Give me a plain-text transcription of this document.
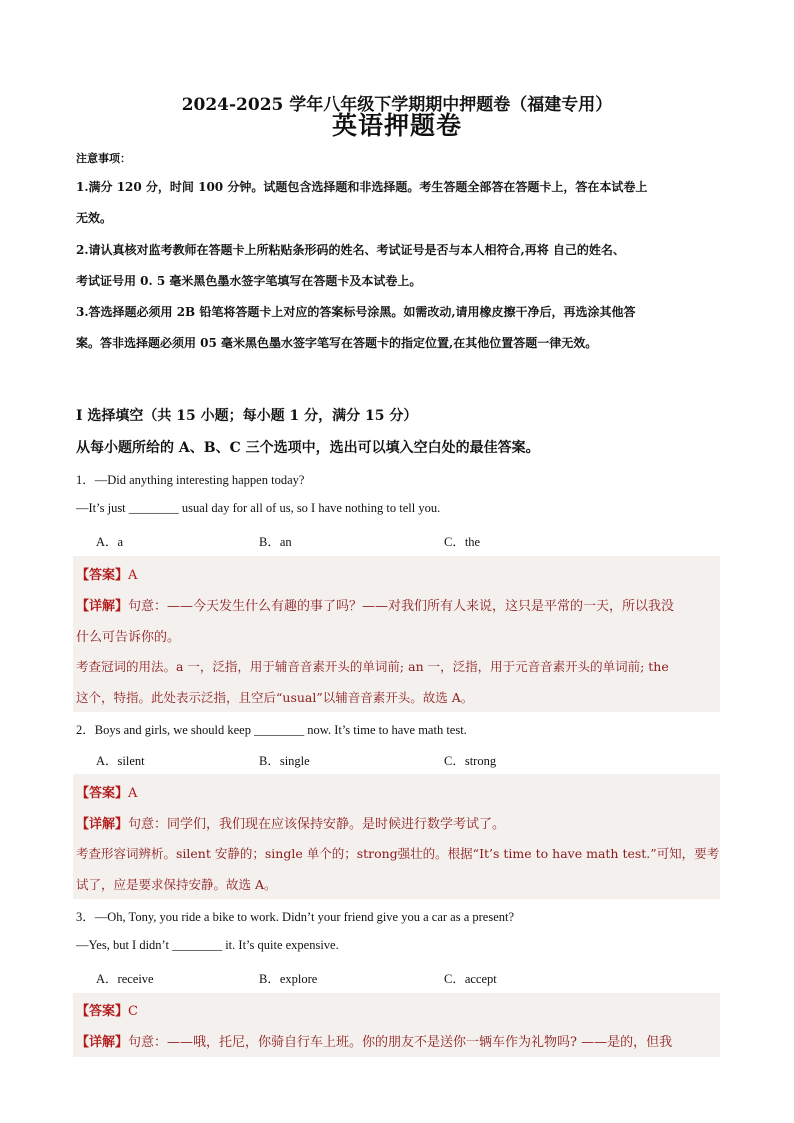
2024-2025 学年八年级下学期期中押题卷（福建专用）
英语押题卷
注意事项：
1.满分 120 分，时间 100 分钟。试题包含选择题和非选择题。考生答题全部答在答题卡上，答在本试卷上
无效。
2.请认真核对监考教师在答题卡上所粘贴条形码的姓名、考试证号是否与本人相符合,再将 自己的姓名、
考试证号用 0. 5 毫米黑色墨水签字笔填写在答题卡及本试卷上。
3.答选择题必须用 2B 铅笔将答题卡上对应的答案标号涂黑。如需改动,请用橡皮擦干净后，再选涂其他答
案。答非选择题必须用 05 毫米黑色墨水签字笔写在答题卡的指定位置,在其他位置答题一律无效。
Ⅰ 选择填空（共 15 小题；每小题 1 分，满分 15 分）
从每小题所给的 A、B、C 三个选项中，选出可以填入空白处的最佳答案。
1．—Did anything interesting happen today?
—It’s just ________ usual day for all of us, so I have nothing to tell you.
A．a	B．an	C．the
【答案】A
【详解】句意：——今天发生什么有趣的事了吗？——对我们所有人来说，这只是平常的一天，所以我没
什么可告诉你的。
考查冠词的用法。a 一，泛指，用于辅音音素开头的单词前; an 一，泛指，用于元音音素开头的单词前; the
这个，特指。此处表示泛指，且空后“usual”以辅音音素开头。故选 A。
2．Boys and girls, we should keep ________ now. It’s time to have math test.
A．silent	B．single	C．strong
【答案】A
【详解】句意：同学们，我们现在应该保持安静。是时候进行数学考试了。
考查形容词辨析。silent 安静的；single 单个的；strong强壮的。根据“It’s time to have math test.”可知，要考
试了，应是要求保持安静。故选 A。
3．—Oh, Tony, you ride a bike to work. Didn’t your friend give you a car as a present?
—Yes, but I didn’t ________ it. It’s quite expensive.
A．receive	B．explore	C．accept
【答案】C
【详解】句意：——哦，托尼，你骑自行车上班。你的朋友不是送你一辆车作为礼物吗? ——是的，但我
